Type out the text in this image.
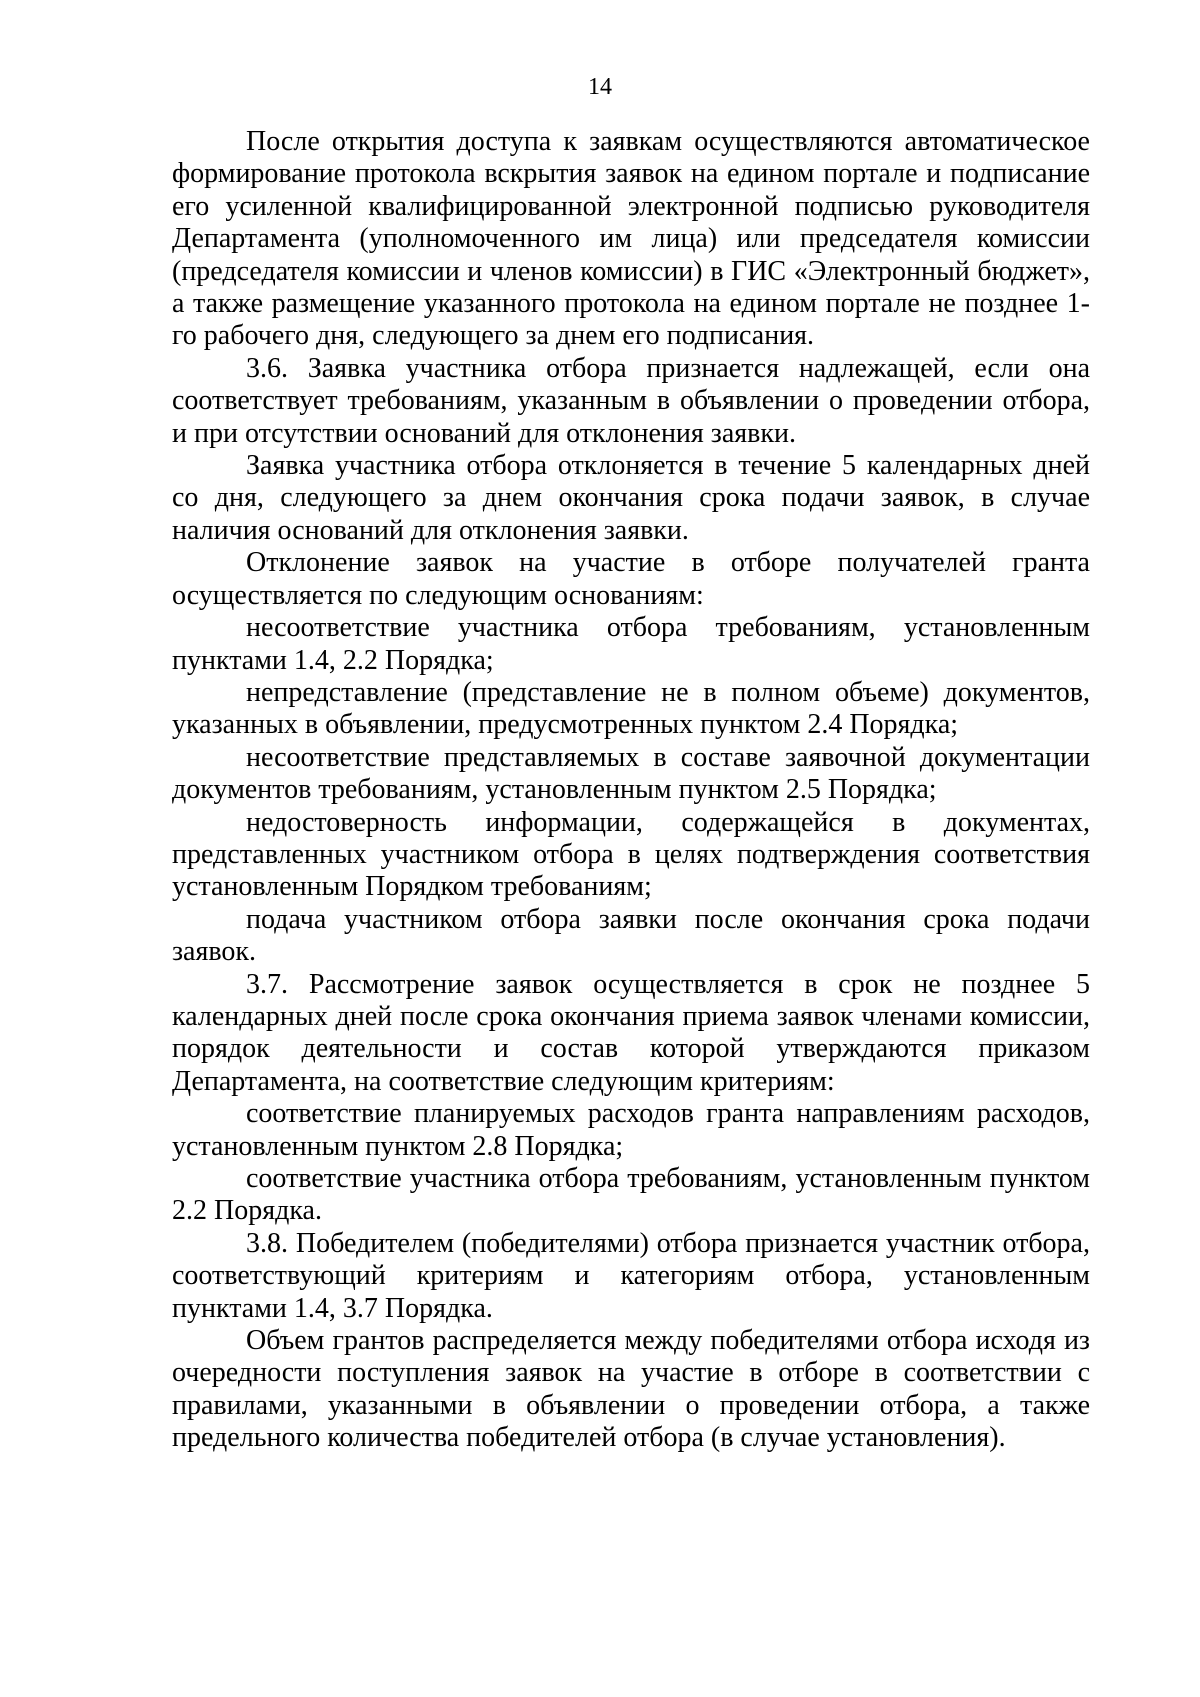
14

После открытия доступа к заявкам осуществляются автоматическое формирование протокола вскрытия заявок на едином портале и подписание его усиленной квалифицированной электронной подписью руководителя Департамента (уполномоченного им лица) или председателя комиссии (председателя комиссии и членов комиссии) в ГИС «Электронный бюджет», а также размещение указанного протокола на едином портале не позднее 1-го рабочего дня, следующего за днем его подписания.

3.6. Заявка участника отбора признается надлежащей, если она соответствует требованиям, указанным в объявлении о проведении отбора, и при отсутствии оснований для отклонения заявки.

Заявка участника отбора отклоняется в течение 5 календарных дней со дня, следующего за днем окончания срока подачи заявок, в случае наличия оснований для отклонения заявки.

Отклонение заявок на участие в отборе получателей гранта осуществляется по следующим основаниям:

несоответствие участника отбора требованиям, установленным пунктами 1.4, 2.2 Порядка;

непредставление (представление не в полном объеме) документов, указанных в объявлении, предусмотренных пунктом 2.4 Порядка;

несоответствие представляемых в составе заявочной документации документов требованиям, установленным пунктом 2.5 Порядка;

недостоверность информации, содержащейся в документах, представленных участником отбора в целях подтверждения соответствия установленным Порядком требованиям;

подача участником отбора заявки после окончания срока подачи заявок.

3.7. Рассмотрение заявок осуществляется в срок не позднее 5 календарных дней после срока окончания приема заявок членами комиссии, порядок деятельности и состав которой утверждаются приказом Департамента, на соответствие следующим критериям:

соответствие планируемых расходов гранта направлениям расходов, установленным пунктом 2.8 Порядка;

соответствие участника отбора требованиям, установленным пунктом 2.2 Порядка.

3.8. Победителем (победителями) отбора признается участник отбора, соответствующий критериям и категориям отбора, установленным пунктами 1.4, 3.7 Порядка.

Объем грантов распределяется между победителями отбора исходя из очередности поступления заявок на участие в отборе в соответствии с правилами, указанными в объявлении о проведении отбора, а также предельного количества победителей отбора (в случае установления).
